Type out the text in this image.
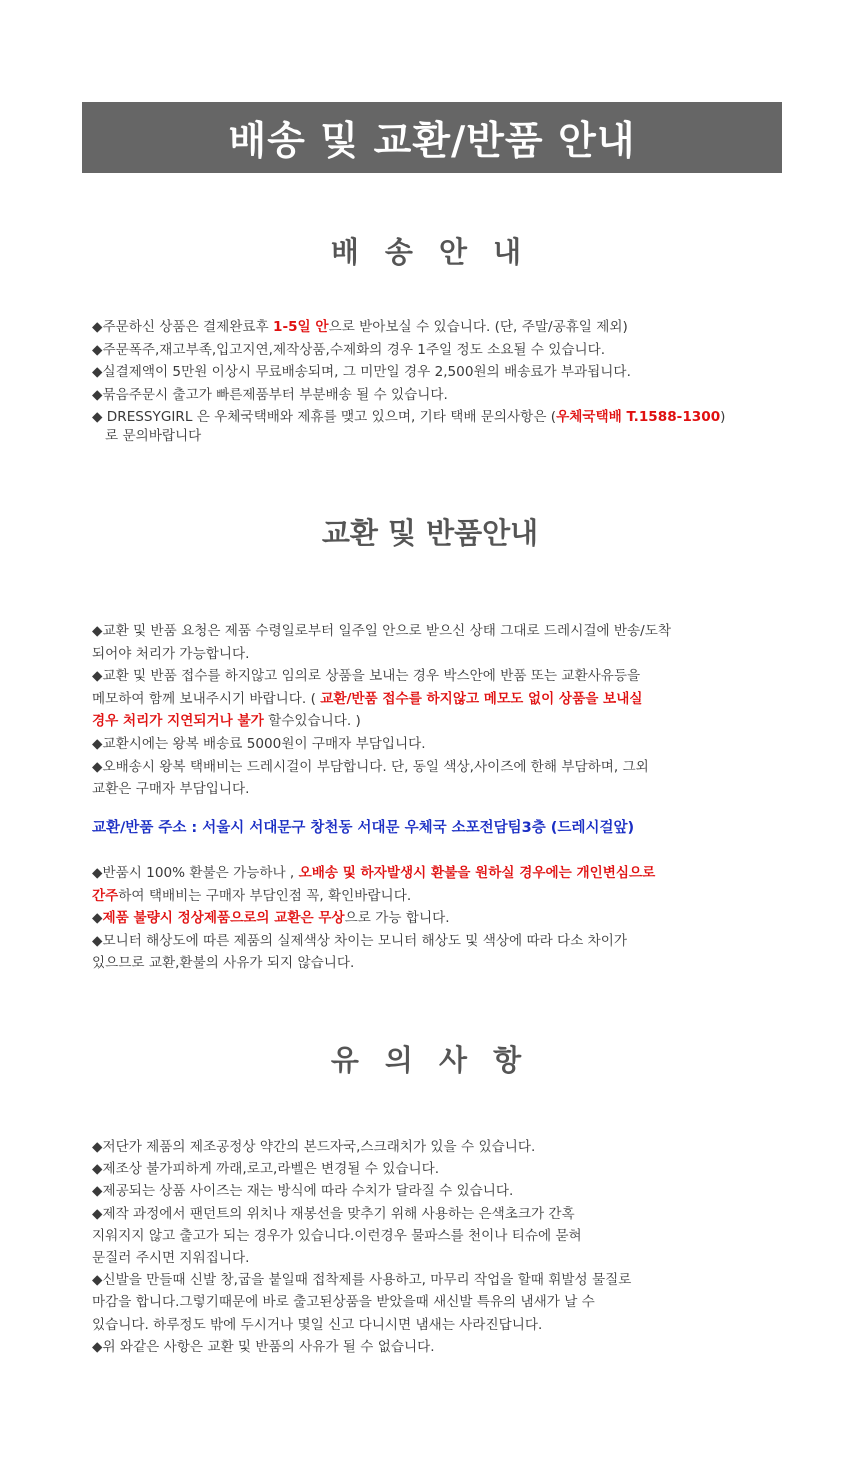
배송 및 교환/반품 안내
배 송 안 내
◆주문하신 상품은 결제완료후 1-5일 안으로 받아보실 수 있습니다. (단, 주말/공휴일 제외)
◆주문폭주,재고부족,입고지연,제작상품,수제화의 경우 1주일 정도 소요될 수 있습니다.
◆실결제액이 5만원 이상시 무료배송되며, 그 미만일 경우 2,500원의 배송료가 부과됩니다.
◆묶음주문시 출고가 빠른제품부터 부분배송 될 수 있습니다.
◆ DRESSYGIRL 은 우체국택배와 제휴를 맺고 있으며, 기타 택배 문의사항은 (우체국택배 T.1588-1300)
로 문의바랍니다
교환 및 반품안내
◆교환 및 반품 요청은 제품 수령일로부터 일주일 안으로 받으신 상태 그대로 드레시걸에 반송/도착
되어야 처리가 가능합니다.
◆교환 및 반품 접수를 하지않고 임의로 상품을 보내는 경우 박스안에 반품 또는 교환사유등을
메모하여 함께 보내주시기 바랍니다. ( 교환/반품 접수를 하지않고 메모도 없이 상품을 보내실
경우 처리가 지연되거나 불가 할수있습니다. )
◆교환시에는 왕복 배송료 5000원이 구매자 부담입니다.
◆오배송시 왕복 택배비는 드레시걸이 부담합니다. 단, 동일 색상,사이즈에 한해 부담하며, 그외
교환은 구매자 부담입니다.
교환/반품 주소 : 서울시 서대문구 창천동 서대문 우체국 소포전담팀3층 (드레시걸앞)
◆반품시 100% 환불은 가능하나 , 오배송 및 하자발생시 환불을 원하실 경우에는 개인변심으로
간주하여 택배비는 구매자 부담인점 꼭, 확인바랍니다.
◆제품 불량시 정상제품으로의 교환은 무상으로 가능 합니다.
◆모니터 해상도에 따른 제품의 실제색상 차이는 모니터 해상도 및 색상에 따라 다소 차이가
있으므로 교환,환불의 사유가 되지 않습니다.
유 의 사 항
◆저단가 제품의 제조공정상 약간의 본드자국,스크래치가 있을 수 있습니다.
◆제조상 불가피하게 까래,로고,라벨은 변경될 수 있습니다.
◆제공되는 상품 사이즈는 재는 방식에 따라 수치가 달라질 수 있습니다.
◆제작 과정에서 팬던트의 위치나 재봉선을 맞추기 위해 사용하는 은색초크가 간혹
지워지지 않고 출고가 되는 경우가 있습니다.이런경우 물파스를 천이나 티슈에 묻혀
문질러 주시면 지워집니다.
◆신발을 만들때 신발 창,굽을 붙일때 접착제를 사용하고, 마무리 작업을 할때 휘발성 물질로
마감을 합니다.그렇기때문에 바로 출고된상품을 받았을때 새신발 특유의 냄새가 날 수
있습니다. 하루정도 밖에 두시거나 몇일 신고 다니시면 냄새는 사라진답니다.
◆위 와같은 사항은 교환 및 반품의 사유가 될 수 없습니다.
